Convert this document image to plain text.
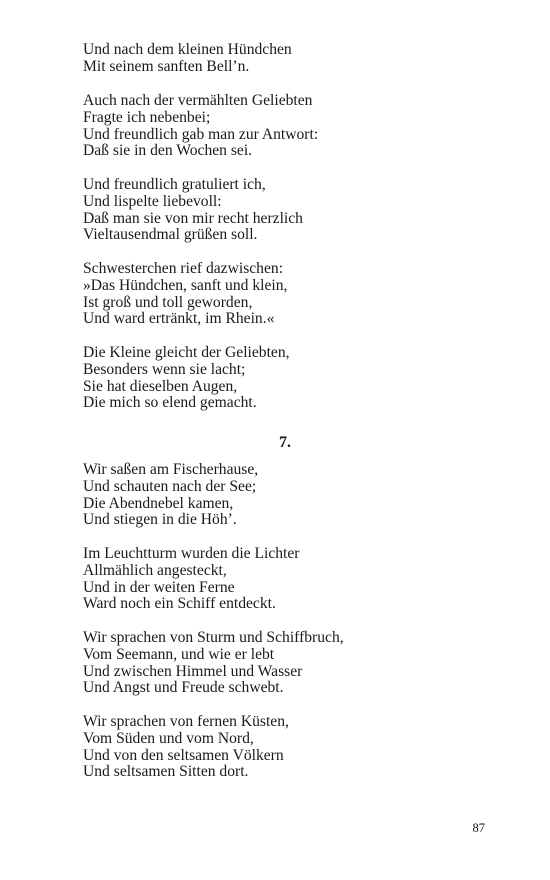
Und nach dem kleinen Hündchen
Mit seinem sanften Bell’n.
Auch nach der vermählten Geliebten
Fragte ich nebenbei;
Und freundlich gab man zur Antwort:
Daß sie in den Wochen sei.
Und freundlich gratuliert ich,
Und lispelte liebevoll:
Daß man sie von mir recht herzlich
Vieltausendmal grüßen soll.
Schwesterchen rief dazwischen:
»Das Hündchen, sanft und klein,
Ist groß und toll geworden,
Und ward ertränkt, im Rhein.«
Die Kleine gleicht der Geliebten,
Besonders wenn sie lacht;
Sie hat dieselben Augen,
Die mich so elend gemacht.
7.
Wir saßen am Fischerhause,
Und schauten nach der See;
Die Abendnebel kamen,
Und stiegen in die Höh’.
Im Leuchtturm wurden die Lichter
Allmählich angesteckt,
Und in der weiten Ferne
Ward noch ein Schiff entdeckt.
Wir sprachen von Sturm und Schiffbruch,
Vom Seemann, und wie er lebt
Und zwischen Himmel und Wasser
Und Angst und Freude schwebt.
Wir sprachen von fernen Küsten,
Vom Süden und vom Nord,
Und von den seltsamen Völkern
Und seltsamen Sitten dort.
87
